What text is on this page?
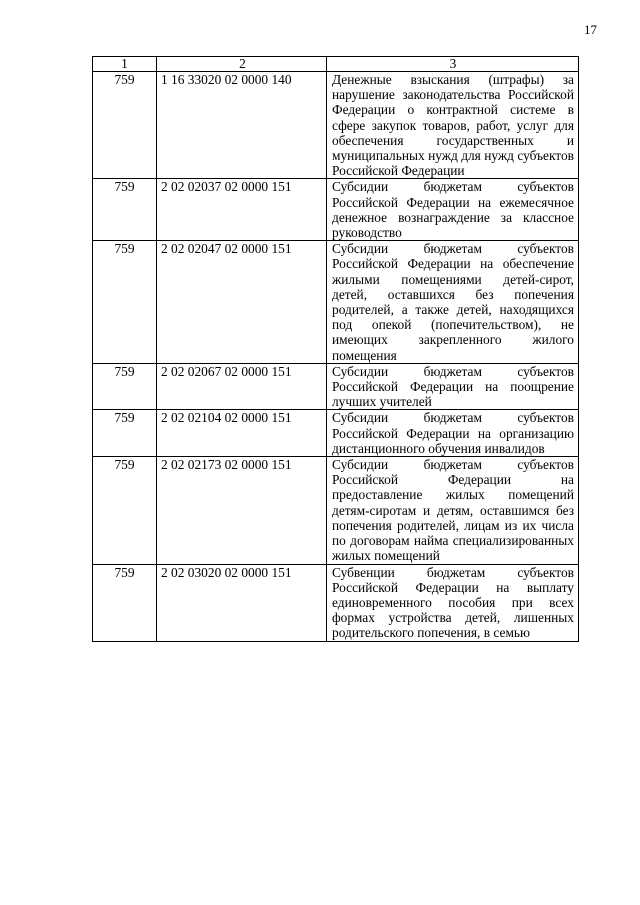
17
1	2	3
759	1 16 33020 02 0000 140	Денежные взыскания (штрафы) за нарушение законодательства Российской Федерации о контрактной системе в сфере закупок товаров, работ, услуг для обеспечения государственных и муниципальных нужд для нужд субъектов Российской Федерации
759	2 02 02037 02 0000 151	Субсидии бюджетам субъектов Российской Федерации на ежемесячное денежное вознаграждение за классное руководство
759	2 02 02047 02 0000 151	Субсидии бюджетам субъектов Российской Федерации на обеспечение жилыми помещениями детей-сирот, детей, оставшихся без попечения родителей, а также детей, находящихся под опекой (попечительством), не имеющих закрепленного жилого помещения
759	2 02 02067 02 0000 151	Субсидии бюджетам субъектов Российской Федерации на поощрение лучших учителей
759	2 02 02104 02 0000 151	Субсидии бюджетам субъектов Российской Федерации на организацию дистанционного обучения инвалидов
759	2 02 02173 02 0000 151	Субсидии бюджетам субъектов Российской Федерации на предоставление жилых помещений детям-сиротам и детям, оставшимся без попечения родителей, лицам из их числа по договорам найма специализированных жилых помещений
759	2 02 03020 02 0000 151	Субвенции бюджетам субъектов Российской Федерации на выплату единовременного пособия при всех формах устройства детей, лишенных родительского попечения, в семью
